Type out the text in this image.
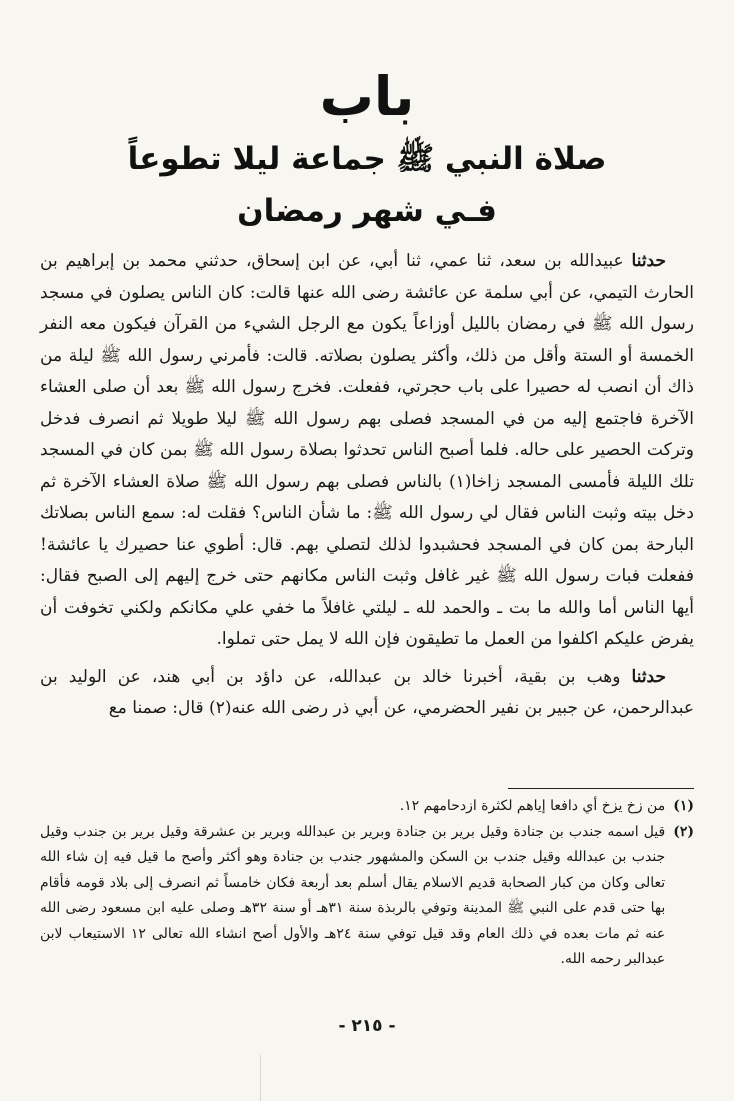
باب
صلاة النبي ﷺ جماعة ليلا تطوعاً
فـي شهر رمضان

حدثنا عبيدالله بن سعد، ثنا عمي، ثنا أبي، عن ابن إسحاق، حدثني محمد بن إبراهيم بن الحارث التيمي، عن أبي سلمة عن عائشة رضى الله عنها قالت: كان الناس يصلون في مسجد رسول الله ﷺ في رمضان بالليل أوزاعاً يكون مع الرجل الشيء من القرآن فيكون معه النفر الخمسة أو الستة وأقل من ذلك، وأكثر يصلون بصلاته. قالت: فأمرني رسول الله ﷺ ليلة من ذاك أن انصب له حصيرا على باب حجرتي، ففعلت. فخرج رسول الله ﷺ بعد أن صلى العشاء الآخرة فاجتمع إليه من في المسجد فصلى بهم رسول الله ﷺ ليلا طويلا ثم انصرف فدخل وتركت الحصير على حاله. فلما أصبح الناس تحدثوا بصلاة رسول الله ﷺ بمن كان في المسجد تلك الليلة فأمسى المسجد زاخا(١) بالناس فصلى بهم رسول الله ﷺ صلاة العشاء الآخرة ثم دخل بيته وثبت الناس فقال لي رسول الله ﷺ: ما شأن الناس؟ فقلت له: سمع الناس بصلاتك البارحة بمن كان في المسجد فحشبدوا لذلك لتصلي بهم. قال: أطوي عنا حصيرك يا عائشة! ففعلت فبات رسول الله ﷺ غير غافل وثبت الناس مكانهم حتى خرج إليهم إلى الصبح فقال: أيها الناس أما والله ما بت ـ والحمد لله ـ ليلتي غافلاً ما خفي علي مكانكم ولكني تخوفت أن يفرض عليكم اكلفوا من العمل ما تطيقون فإن الله لا يمل حتى تملوا.

حدثنا وهب بن بقية، أخبرنا خالد بن عبدالله، عن داؤد بن أبي هند، عن الوليد بن عبدالرحمن، عن جبير بن نفير الحضرمي، عن أبي ذر رضى الله عنه(٢) قال: صمنا مع

(١)
من زخ يزخ أي دافعا إياهم لكثرة ازدحامهم ١٢.
(٢)
قيل اسمه جندب بن جنادة وقيل برير بن جنادة وبرير بن عبدالله وبرير بن عشرقة وقيل برير بن جندب وقيل جندب بن عبدالله وقيل جندب بن السكن والمشهور جندب بن جنادة وهو أكثر وأصح ما قيل فيه إن شاء الله تعالى وكان من كبار الصحابة قديم الاسلام يقال أسلم بعد أربعة فكان خامساً ثم انصرف إلى بلاد قومه فأقام بها حتى قدم على النبي ﷺ المدينة وتوفي بالربذة سنة ٣١هـ أو سنة ٣٢هـ وصلى عليه ابن مسعود رضى الله عنه ثم مات بعده في ذلك العام وقد قيل توفي سنة ٢٤هـ والأول أصح انشاء الله تعالى ١٢ الاستيعاب لابن عبدالبر رحمه الله.
- ٢١٥ -
